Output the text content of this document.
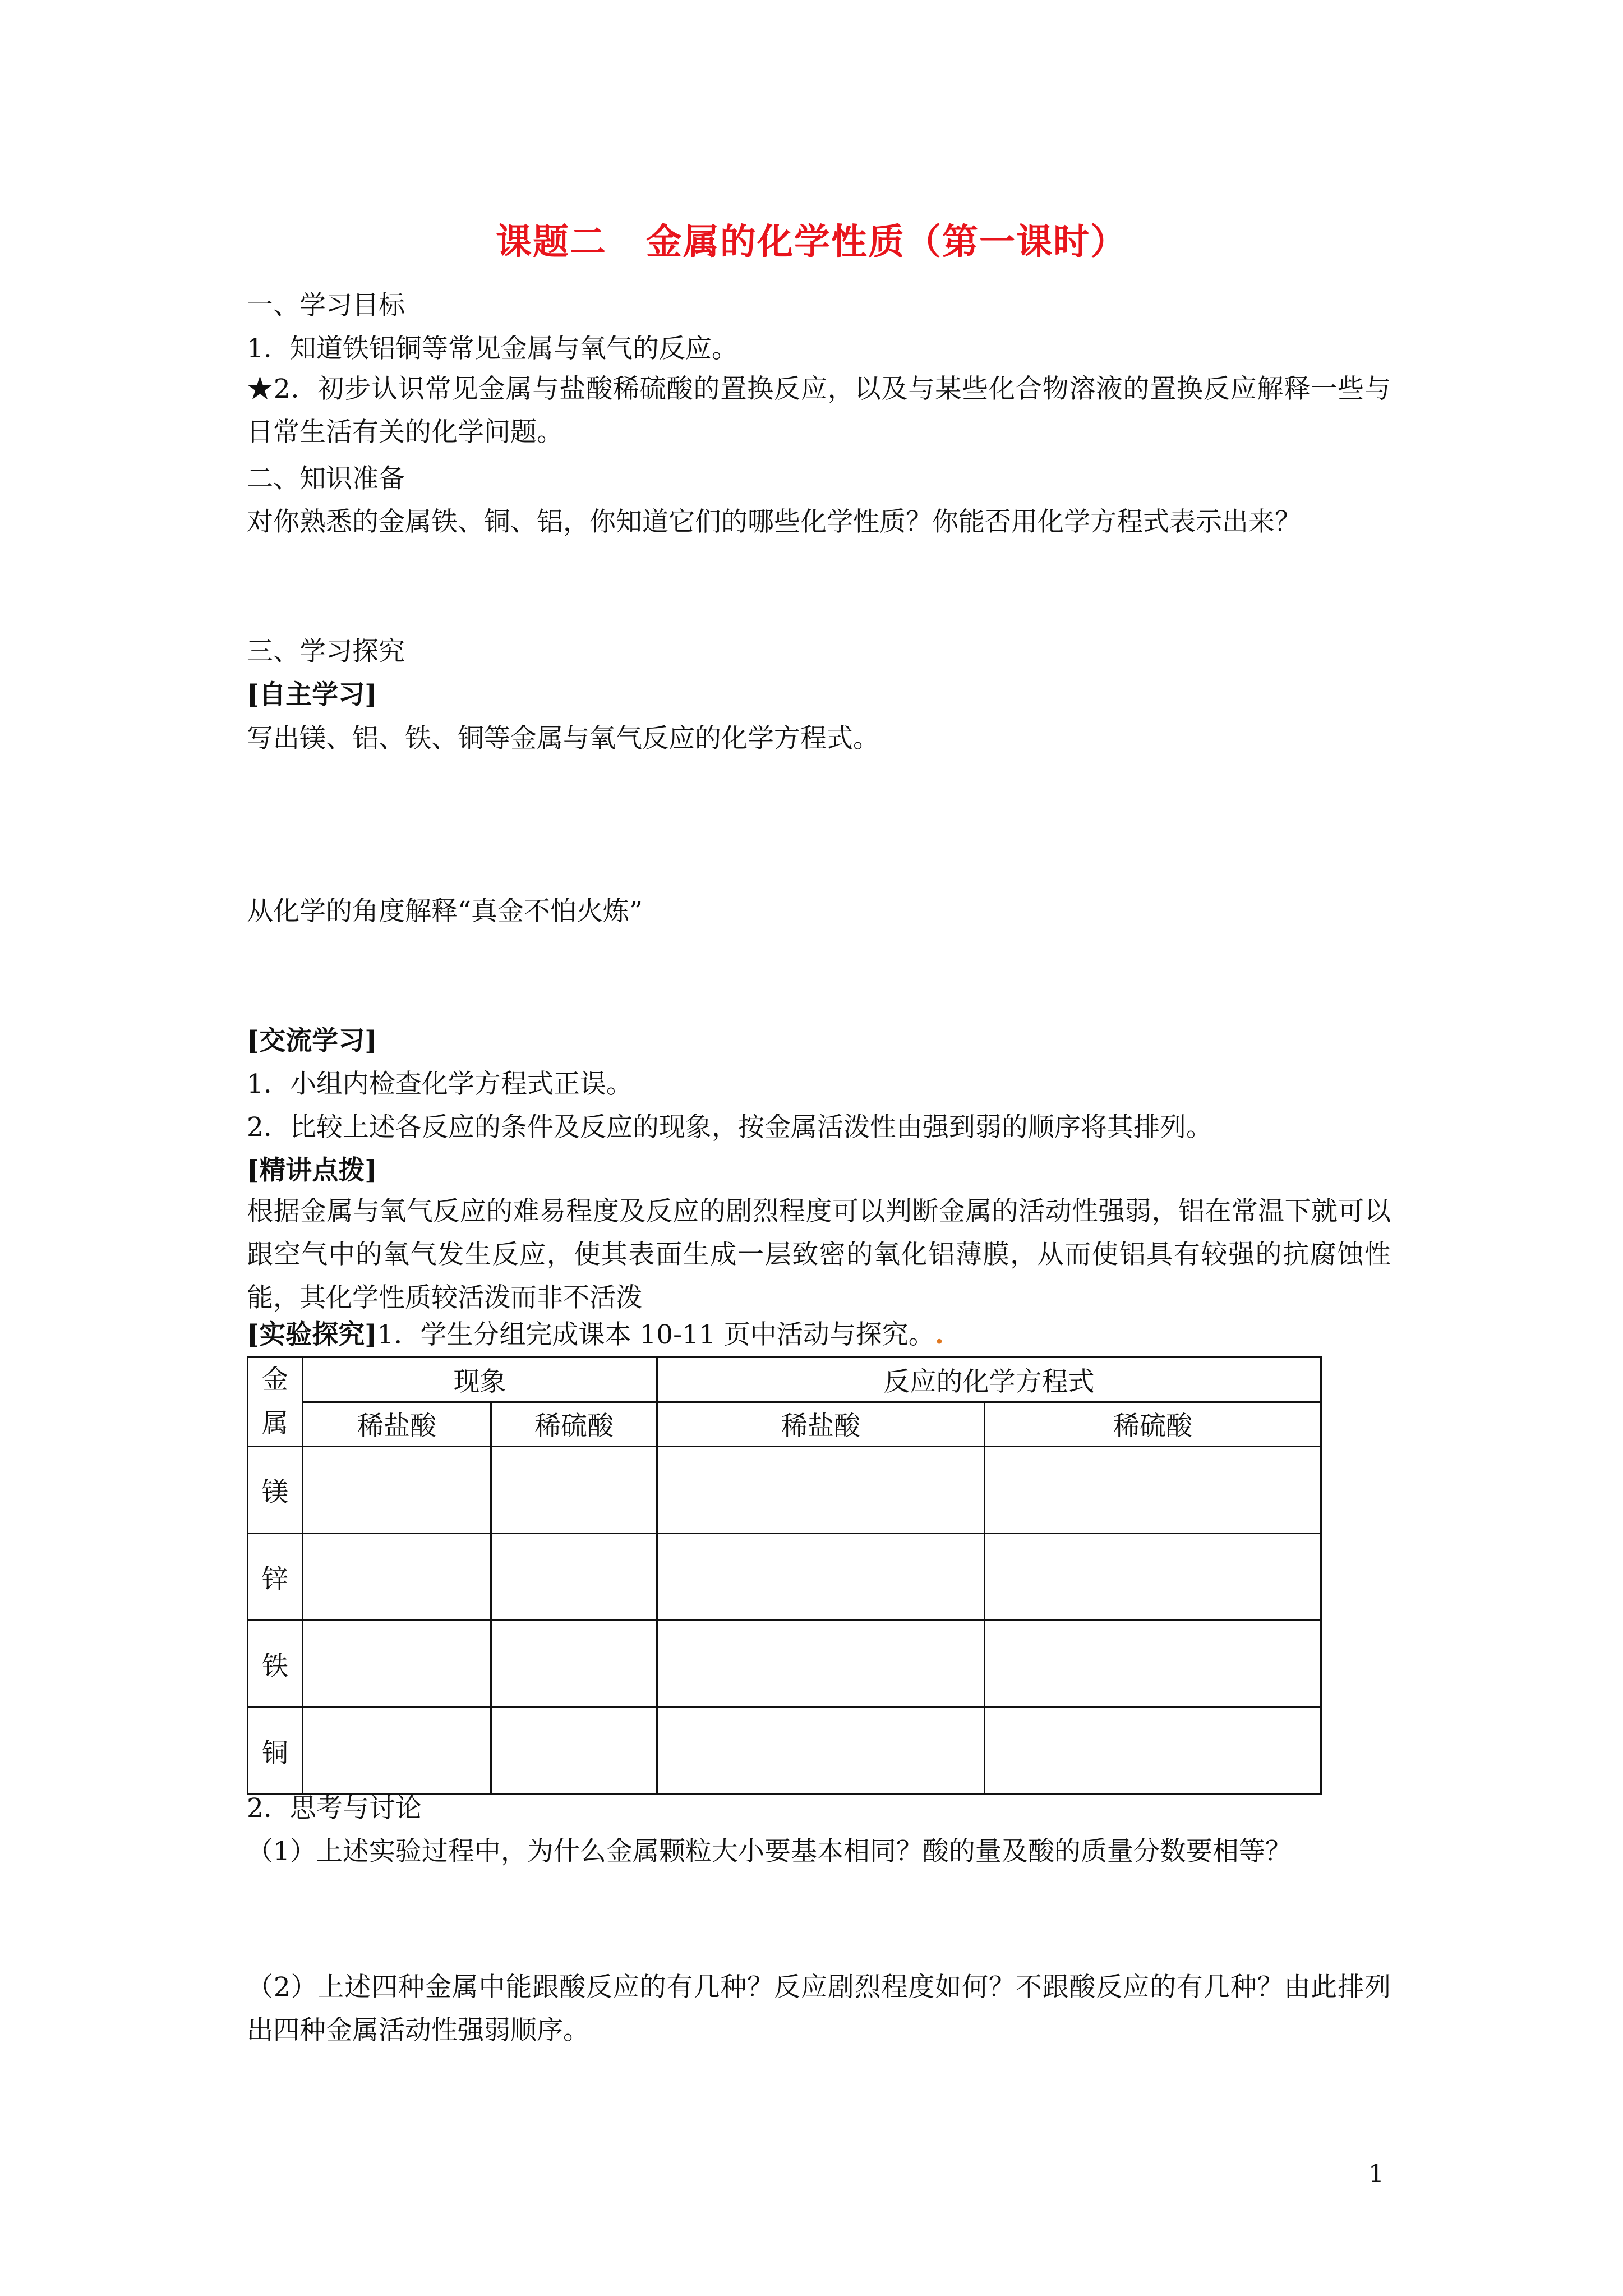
课题二 金属的化学性质（第一课时）
一、学习目标
1．知道铁铝铜等常见金属与氧气的反应。
★2．初步认识常见金属与盐酸稀硫酸的置换反应，以及与某些化合物溶液的置换反应解释一些与日常生活有关的化学问题。
二、知识准备
对你熟悉的金属铁、铜、铝，你知道它们的哪些化学性质？你能否用化学方程式表示出来？
三、学习探究
[自主学习]
写出镁、铝、铁、铜等金属与氧气反应的化学方程式。
从化学的角度解释“真金不怕火炼”
[交流学习]
1．小组内检查化学方程式正误。
2．比较上述各反应的条件及反应的现象，按金属活泼性由强到弱的顺序将其排列。
[精讲点拨]
根据金属与氧气反应的难易程度及反应的剧烈程度可以判断金属的活动性强弱，铝在常温下就可以跟空气中的氧气发生反应，使其表面生成一层致密的氧化铝薄膜，从而使铝具有较强的抗腐蚀性能，其化学性质较活泼而非不活泼
[实验探究]1．学生分组完成课本 10-11 页中活动与探究。.
金属	现象		反应的化学方程式	
	稀盐酸	稀硫酸	稀盐酸	稀硫酸
镁				
锌				
铁				
铜				
2．思考与讨论
（1）上述实验过程中，为什么金属颗粒大小要基本相同？酸的量及酸的质量分数要相等？
（2）上述四种金属中能跟酸反应的有几种？反应剧烈程度如何？不跟酸反应的有几种？由此排列出四种金属活动性强弱顺序。
1
